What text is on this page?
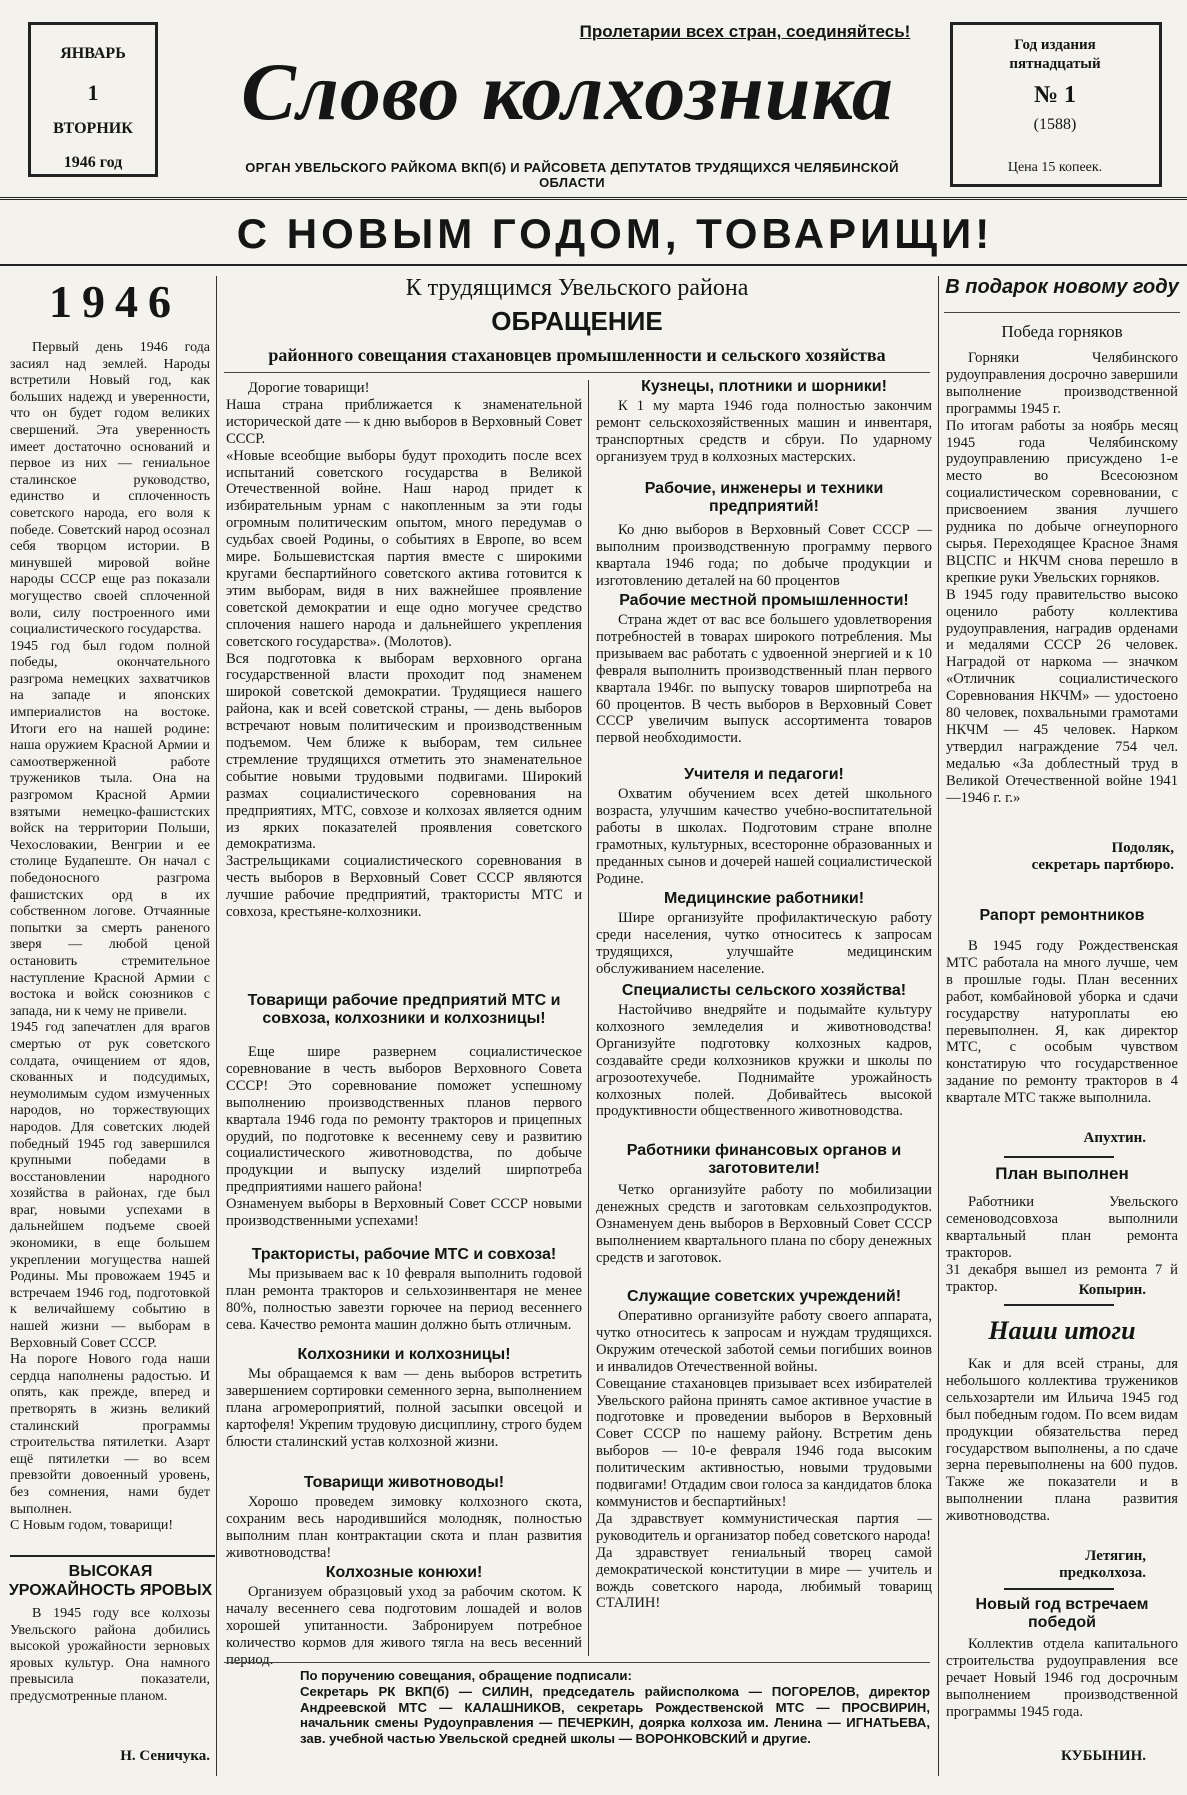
ЯНВАРЬ
1
ВТОРНИК
1946 год
Пролетарии всех стран, соединяйтесь!
Слово колхозника
ОРГАН УВЕЛЬСКОГО РАЙКОМА ВКП(б) И РАЙСОВЕТА ДЕПУТАТОВ ТРУДЯЩИХСЯ ЧЕЛЯБИНСКОЙ ОБЛАСТИ
Год издания пятнадцатый
№ 1
(1588)
Цена 15 копеек.
С НОВЫМ ГОДОМ, ТОВАРИЩИ!
1946
Первый день 1946 года засиял над землей. Народы встретили Новый год, как больших надежд и уверенности, что он будет годом великих свершений. Эта уверенность имеет достаточно оснований и первое из них — гениальное сталинское руководство, единство и сплоченность советского народа, его воля к победе. Советский народ осознал себя творцом истории. В минувшей мировой войне народы СССР еще раз показали могущество своей сплоченной воли, силу построенного ими социалистического государства.
1945 год был годом полной победы, окончательного разгрома немецких захватчиков на западе и японских империалистов на востоке. Итоги его на нашей родине: наша оружием Красной Армии и самоотверженной работе тружеников тыла. Она на разгромом Красной Армии взятыми немецко-фашистских войск на территории Польши, Чехословакии, Венгрии и ее столице Будапеште. Он начал с победоносного разгрома фашистских орд в их собственном логове. Отчаянные попытки за смерть раненого зверя — любой ценой остановить стремительное наступление Красной Армии с востока и войск союзников с запада, ни к чему не привели.
1945 год запечатлен для врагов смертью от рук советского солдата, очищением от ядов, скованных и подсудимых, неумолимым судом измученных народов, но торжествующих народов. Для советских людей победный 1945 год завершился крупными победами в восстановлении народного хозяйства в районах, где был враг, новыми успехами в дальнейшем подъеме своей экономики, в еще большем укреплении могущества нашей Родины. Мы провожаем 1945 и встречаем 1946 год, подготовкой к величайшему событию в нашей жизни — выборам в Верховный Совет СССР.
На пороге Нового года наши сердца наполнены радостью. И опять, как прежде, вперед и претворять в жизнь великий сталинский программы строительства пятилетки. Азарт ещё пятилетки — во всем превзойти довоенный уровень, без сомнения, нами будет выполнен.
С Новым годом, товарищи!
ВЫСОКАЯ УРОЖАЙНОСТЬ ЯРОВЫХ
В 1945 году все колхозы Увельского района добились высокой урожайности зерновых яровых культур. Она намного превысила показатели, предусмотренные планом.
Н. Сеничука.
К трудящимся Увельского района
ОБРАЩЕНИЕ
районного совещания стахановцев промышленности и сельского хозяйства
Дорогие товарищи!
Наша страна приближается к знаменательной исторической дате — к дню выборов в Верховный Совет СССР.
«Новые всеобщие выборы будут проходить после всех испытаний советского государства в Великой Отечественной войне. Наш народ придет к избирательным урнам с накопленным за эти годы огромным политическим опытом, много передумав о судьбах своей Родины, о событиях в Европе, во всем мире. Большевистская партия вместе с широкими кругами беспартийного советского актива готовится к этим выборам, видя в них важнейшее проявление советской демократии и еще одно могучее средство сплочения нашего народа и дальнейшего укрепления советского государства». (Молотов).
Вся подготовка к выборам верховного органа государственной власти проходит под знаменем широкой советской демократии. Трудящиеся нашего района, как и всей советской страны, — день выборов встречают новым политическим и производственным подъемом. Чем ближе к выборам, тем сильнее стремление трудящихся отметить это знаменательное событие новыми трудовыми подвигами. Широкий размах социалистического соревнования на предприятиях, МТС, совхозе и колхозах является одним из ярких показателей проявления советского демократизма.
Застрельщиками социалистического соревнования в честь выборов в Верховный Совет СССР являются лучшие рабочие предприятий, трактористы МТС и совхоза, крестьяне-колхозники.
Товарищи рабочие предприятий МТС и совхоза, колхозники и колхозницы!
Еще шире развернем социалистическое соревнование в честь выборов Верховного Совета СССР! Это соревнование поможет успешному выполнению производственных планов первого квартала 1946 года по ремонту тракторов и прицепных орудий, по подготовке к весеннему севу и развитию социалистического животноводства, по добыче продукции и выпуску изделий ширпотреба предприятиями нашего района!
Ознаменуем выборы в Верховный Совет СССР новыми производственными успехами!
Трактористы, рабочие МТС и совхоза!
Мы призываем вас к 10 февраля выполнить годовой план ремонта тракторов и сельхозинвентаря не менее 80%, полностью завезти горючее на период весеннего сева. Качество ремонта машин должно быть отличным.
Колхозники и колхозницы!
Мы обращаемся к вам — день выборов встретить завершением сортировки семенного зерна, выполнением плана агромероприятий, полной засыпки овсецой и картофеля! Укрепим трудовую дисциплину, строго будем блюсти сталинский устав колхозной жизни.
Товарищи животноводы!
Хорошо проведем зимовку колхозного скота, сохраним весь народившийся молодняк, полностью выполним план контрактации скота и план развития животноводства!
Колхозные конюхи!
Организуем образцовый уход за рабочим скотом. К началу весеннего сева подготовим лошадей и волов хорошей упитанности. Забронируем потребное количество кормов для живого тягла на весь весенний период.
Кузнецы, плотники и шорники!
К 1 му марта 1946 года полностью закончим ремонт сельскохозяйственных машин и инвентаря, транспортных средств и сбруи. По ударному организуем труд в колхозных мастерских.
Рабочие, инженеры и техники предприятий!
Ко дню выборов в Верховный Совет СССР — выполним производственную программу первого квартала 1946 года; по добыче продукции и изготовлению деталей на 60 процентов
Рабочие местной промышленности!
Страна ждет от вас все большего удовлетворения потребностей в товарах широкого потребления. Мы призываем вас работать с удвоенной энергией и к 10 февраля выполнить производственный план первого квартала 1946г. по выпуску товаров ширпотреба на 60 процентов. В честь выборов в Верховный Совет СССР увеличим выпуск ассортимента товаров первой необходимости.
Учителя и педагоги!
Охватим обучением всех детей школьного возраста, улучшим качество учебно-воспитательной работы в школах. Подготовим стране вполне грамотных, культурных, всесторонне образованных и преданных сынов и дочерей нашей социалистической Родине.
Медицинские работники!
Шире организуйте профилактическую работу среди населения, чутко относитесь к запросам трудящихся, улучшайте медицинским обслуживанием население.
Специалисты сельского хозяйства!
Настойчиво внедряйте и подымайте культуру колхозного земледелия и животноводства! Организуйте подготовку колхозных кадров, создавайте среди колхозников кружки и школы по агрозоотехучебе. Поднимайте урожайность колхозных полей. Добивайтесь высокой продуктивности общественного животноводства.
Работники финансовых органов и заготовители!
Четко организуйте работу по мобилизации денежных средств и заготовкам сельхозпродуктов. Ознаменуем день выборов в Верховный Совет СССР выполнением квартального плана по сбору денежных средств и заготовок.
Служащие советских учреждений!
Оперативно организуйте работу своего аппарата, чутко относитесь к запросам и нуждам трудящихся. Окружим отеческой заботой семьи погибших воинов и инвалидов Отечественной войны.
Совещание стахановцев призывает всех избирателей Увельского района принять самое активное участие в подготовке и проведении выборов в Верховный Совет СССР по нашему району. Встретим день выборов — 10-е февраля 1946 года высоким политическим активностью, новыми трудовыми подвигами! Отдадим свои голоса за кандидатов блока коммунистов и беспартийных!
Да здравствует коммунистическая партия — руководитель и организатор побед советского народа!
Да здравствует гениальный творец самой демократической конституции в мире — учитель и вождь советского народа, любимый товарищ СТАЛИН!
По поручению совещания, обращение подписали:
Секретарь РК ВКП(б) — СИЛИН, председатель райисполкома — ПОГОРЕЛОВ, директор Андреевской МТС — КАЛАШНИКОВ, секретарь Рождественской МТС — ПРОСВИРИН, начальник смены Рудоуправления — ПЕЧЕРКИН, доярка колхоза им. Ленина — ИГНАТЬЕВА, зав. учебной частью Увельской средней школы — ВОРОНКОВСКИЙ и другие.
В подарок новому году
Победа горняков
Горняки Челябинского рудоуправления досрочно завершили выполнение производственной программы 1945 г.
По итогам работы за ноябрь месяц 1945 года Челябинскому рудоуправлению присуждено 1-е место во Всесоюзном социалистическом соревновании, с присвоением звания лучшего рудника по добыче огнеупорного сырья. Переходящее Красное Знамя ВЦСПС и НКЧМ снова перешло в крепкие руки Увельских горняков.
В 1945 году правительство высоко оценило работу коллектива рудоуправления, наградив орденами и медалями СССР 26 человек. Наградой от наркома — значком «Отличник социалистического Соревнования НКЧМ» — удостоено 80 человек, похвальными грамотами НКЧМ — 45 человек. Нарком утвердил награждение 754 чел. медалью «За доблестный труд в Великой Отечественной войне 1941—1946 г. г.»
Подоляк,
секретарь партбюро.
Рапорт ремонтников
В 1945 году Рождественская МТС работала на много лучше, чем в прошлые годы. План весенних работ, комбайновой уборка и сдачи государству натуроплаты ею перевыполнен. Я, как директор МТС, с особым чувством констатирую что государственное задание по ремонту тракторов в 4 квартале МТС также выполнила.
Апухтин.
План выполнен
Работники Увельского семеноводсовхоза выполнили квартальный план ремонта тракторов.
31 декабря вышел из ремонта 7 й трактор.	Копырин.
Наши итоги
Как и для всей страны, для небольшого коллектива тружеников сельхозартели им Ильича 1945 год был победным годом. По всем видам продукции обязательства перед государством выполнены, а по сдаче зерна перевыполнены на 600 пудов. Также же показатели и в выполнении плана развития животноводства.
Летягин,
предколхоза.
Новый год встречаем победой
Коллектив отдела капитального строительства рудоуправления все речает Новый 1946 год досрочным выполнением производственной программы 1945 года.
КУБЫНИН.
